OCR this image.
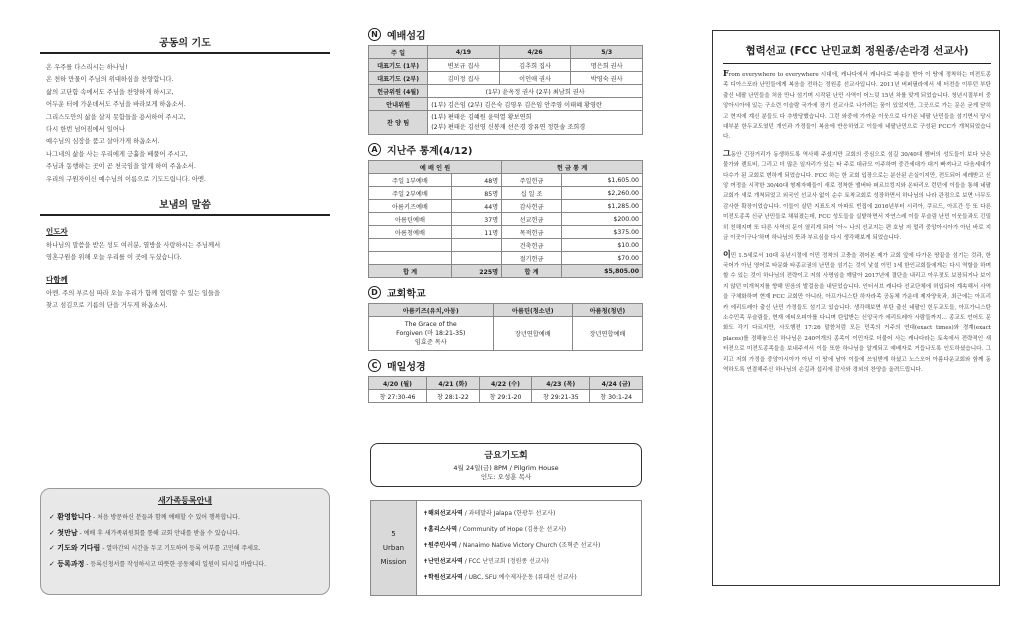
공동의 기도
온 우주를 다스리시는 하나님!
온 천하 만물이 주님의 위대하심을 찬양합니다.
삶의 고단함 속에서도 주님을 찬양하게 하시고,
어두운 터에 가운데서도 주님을 바라보게 하옵소서.
그리스도안의 삶을 살지 못함들을 용서하여 주시고,
다시 한번 넘어짐에서 일어나
예수님의 심장을 품고 살아가게 하옵소서.
나그네의 삶을 사는 우리에게 긍휼을 베풀어 주시고,
주님과 동행하는 곳이 곧 천국임을 알게 하여 주옵소서.
우리의 구원자이신 예수님의 이름으로 기도드립니다. 아멘.
보냄의 말씀
인도자
하나님의 말씀을 받은 성도 여러분, 열방을 사랑하시는 주님께서
영혼구원을 위해 오늘 우리를 이 곳에 두셨습니다.
다함께
아멘. 주의 부르심 따라 오늘 우리가 함께 협력할 수 있는 일들을
찾고 섬김으로 기름의 단을 거두게 하옵소서.
새가족등록안내
✓ 환영합니다 - 처음 방문하신 분들과 함께 예배할 수 있어 행복합니다.
✓ 첫만남 - 예배 후 새가족위원회를 통해 교회 안내를 받을 수 있습니다.
✓ 기도와 기다림 - 열마간의 시간을 두고 기도하며 등록 여부를 고민해 주세요.
✓ 등록과정 - 등록신청서를 작성하시고 따뜻한 공동체의 일원이 되시길 바랍니다.
N 예배섬김
주 일	4/19	4/26	5/3
대표기도 (1부)	변보규 집사	김추희 집사	명은희 권사
대표기도 (2부)	김미정 집사	이인애 권사	박영숙 권사
헌금위원 (4월)	(1부) 윤옥정 권사 (2부) 최남희 권사		
안내위원	(1부) 김은임 (2부) 김은숙 김영우 김은임 안주영 이태혜 황영란		
찬 양 팀	(1부) 편태운 김혜원 윤덕열 황보연희
(2부) 편태운 김선영 신봉재 선은경 장유연 정한솔 조희경		
A 지난주 통계(4/12)
예 배 인 원		헌 금 통 계	
주일 1부예배	48명	주일헌금	$1,605.00
주일 2부예배	85명	십 일 조	$2,260.00
아름키즈예배	44명	감사헌금	$1,285.00
아름틴예배	37명	선교헌금	$200.00
아름청예배	11명	목적헌금	$375.00
		건축헌금	$10.00
		절기헌금	$70.00
합 계	225명	합 계	$5,805.00
D 교회학교
아름키즈(유치,아동)	아름틴(청소년)	아름청(청년)

The Grace of the
Forgiven (마 18:21-35)
임효준 목사	장년연합예배	장년연합예배
C 매일성경
4/20 (월)	4/21 (화)	4/22 (수)	4/23 (목)	4/24 (금)
창 27:30-46	창 28:1-22	창 29:1-20	창 29:21-35	창 30:1-24
금요기도회
4월 24일(금) 8PM / Pilgrim House
인도: 오성훈 목사
5
Urban
Mission
✝해외선교사역 / 과테말라 Jalapa (한광두 선교사)
✝홈리스사역 / Community of Hope (김용운 선교사)
✝원주민사역 / Nanaimo Native Victory Church (조혁준 선교사)
✝난민선교사역 / FCC 난민교회 (정원종 선교사)
✝학원선교사역 / UBC, SFU 예수제자운동 (류대선 선교사)
협력선교 (FCC 난민교회 정원종/손라경 선교사)

From everywhere to everywhere 시대에, 캐나다에서 캐나다로 파송을 받아 이 땅에 정착하는 미전도종족 디아스포라 난민들에게 복음을 전하는 정원종 선교사입니다. 2011년 버퍼필라에서 새 터전을 이루던 부탄 출신 네팔 난민들을 처음 만나 섬기며 시작된 난민 사역이 어느덧 15년 차를 맞게 되었습니다. 청년시절부터 중앙아시아에 있는 구소련 이슬람 국가에 장기 선교사로 나가려는 꿈이 있었지만, 그곳으로 가는 문은 굳게 닫히고 현지에 계신 분들도 다 추방당했습니다. 그런 와중에 가까운 이웃으로 다가온 네팔 난민들을 섬기면서 당시 대부분 한두교도였던 개인과 가정들이 복음에 반응하였고 이들에 네팔난민으로 구성된 FCC가 개척되었습니다.

그동안 긴장거리가 동생하도록 역사해 주셨지만 교회의 중심으로 섬길 30/40대 멤버의 성도들이 보다 낫은 물가와 렌트비, 그리고 더 많은 일자리가 있는 타 주로 대규모 이주하며 중간세대가 대거 빠져나고 다음세대가 다수가 된 교회로 변하게 되었습니다. FCC 하는 한 교회 입장으로는 분산된 손실이지만, 전도되어 세례받고 신앙 여정을 시작한 30/40대 형제자매들이 새로 정착한 앨버타 퍼르브킹지와 온타리오 런던에 이들을 통해 네팔교회가 새로 개척되었고 외국인 선교사 없이 순수 토착교회로 성장하면서 하나님의 나라 관점으로 보면 너무도 감사한 확장이었습니다. 이들이 살던 지표도지 아파트 빈집에 2016년부터 시리아, 쿠르드, 아프간 등 또 다른 미전도종족 신규 난민들로 채워졌는데, FCC 성도들을 실밭하면서 자연스레 이들 무슬림 난민 이웃들과도 긴밀히 친해지며 또 다른 사역의 문이 열리게 되어 ‘아~ 나의 선교지는 편 호남 저 멀리 중앙아시아가 아닌 바로 지금 이곳이구나’하며 하나님의 뜻과 부르심을 다시 생각해보게 되었습니다.

이민 1.5세로서 10대 유년시절에 이민 정착의 고충을 겪어본 제가 교회 앞에 다가온 땅끝을 섬기는 것과, 한국어가 아닌 영어로 타문화 타종교권의 난민을 섬기는 것이 낯설 이민 1세 한인교회들에게는 다시 역할을 하며 할 수 있는 것이 하나님의 전략이고 저희 사명임을 깨달아 2017년에 결단을 내리고 아우젓도 보장되거나 보이지 않던 미개척지를 향해 믿음의 발걸음을 내딛었습니다. 인터서브 캐나다 선교단체에 허입되어 계속해서 사역을 구체화하며 현재 FCC 교회만 아니라, 아프가니스탄 하자라족 공동체 가운데 제자양육과, 최근에는 아프리카 에리트레아 출신 난민 가정들도 섬기고 있습니다. 생각해보면 부탄 출신 네팔인 힌두교도들, 아프가니스탄 소수민족 무슬림들, 현재 에티오피아를 다니며 탄압받는 신앙국가 에리트레아 사람들까지... 종교도 언어도 문화도 각기 다르지만, 사도행전 17:26 말씀처럼 모든 민족의 거주의 연대(exact times)와 경계(exact places)를 정해놓으신 하나님은 240여개의 종족이 이민자로 더불어 사는 캐나다라는 토속에서 전략적인 새 터전으로 미전도종족들을 보내주셔서 이들 또한 하나님을 알게되고 예배자로 거듭나도록 인도하셨습니다. 그리고 저희 가정을 중앙아시아가 아닌 이 땅에 남아 이들에 쓰임받게 하셨고 노스오어 아름다운교회와 함께 동역하도록 연결해주신 하나님의 손길과 섭리에 감사와 경외의 찬양을 올려드립니다.
